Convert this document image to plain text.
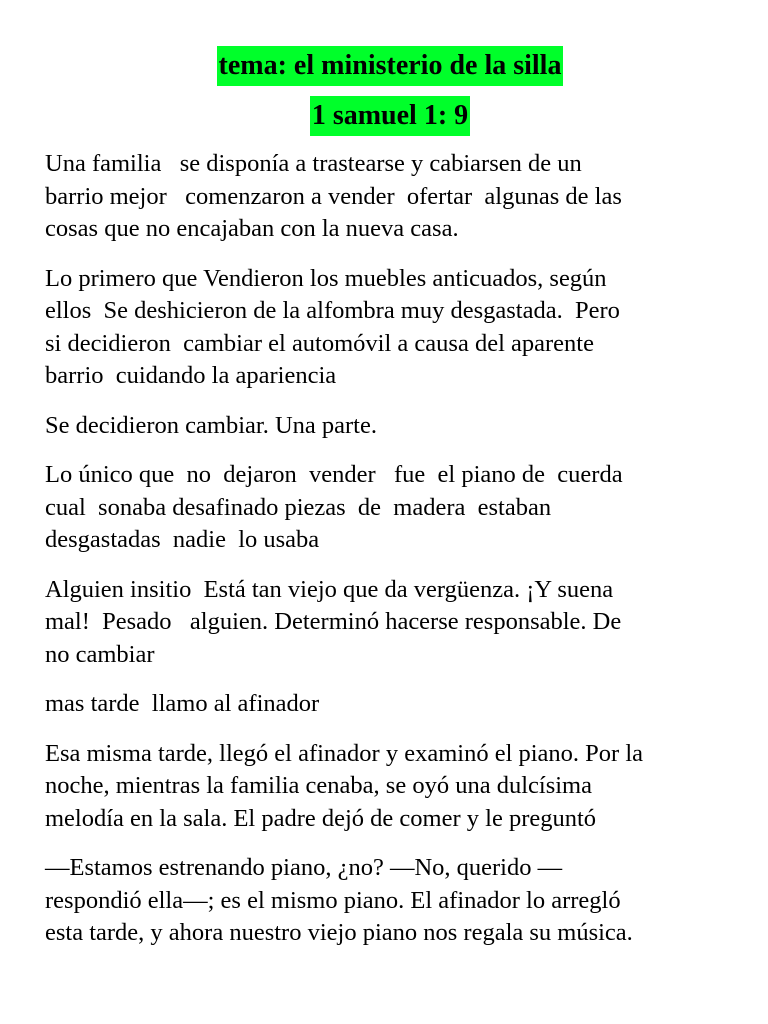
tema: el ministerio de la silla
1 samuel 1: 9

Una familia   se disponía a trastearse y cabiarsen de un
barrio mejor   comenzaron a vender  ofertar  algunas de las
cosas que no encajaban con la nueva casa.

Lo primero que Vendieron los muebles anticuados, según
ellos  Se deshicieron de la alfombra muy desgastada.  Pero
si decidieron  cambiar el automóvil a causa del aparente
barrio  cuidando la apariencia

Se decidieron cambiar. Una parte.

Lo único que  no  dejaron  vender   fue  el piano de  cuerda
cual  sonaba desafinado piezas  de  madera  estaban
desgastadas  nadie  lo usaba

Alguien insitio  Está tan viejo que da vergüenza. ¡Y suena
mal!  Pesado   alguien. Determinó hacerse responsable. De
no cambiar

mas tarde  llamo al afinador

Esa misma tarde, llegó el afinador y examinó el piano. Por la
noche, mientras la familia cenaba, se oyó una dulcísima
melodía en la sala. El padre dejó de comer y le preguntó

—Estamos estrenando piano, ¿no? —No, querido —
respondió ella—; es el mismo piano. El afinador lo arregló
esta tarde, y ahora nuestro viejo piano nos regala su música.
